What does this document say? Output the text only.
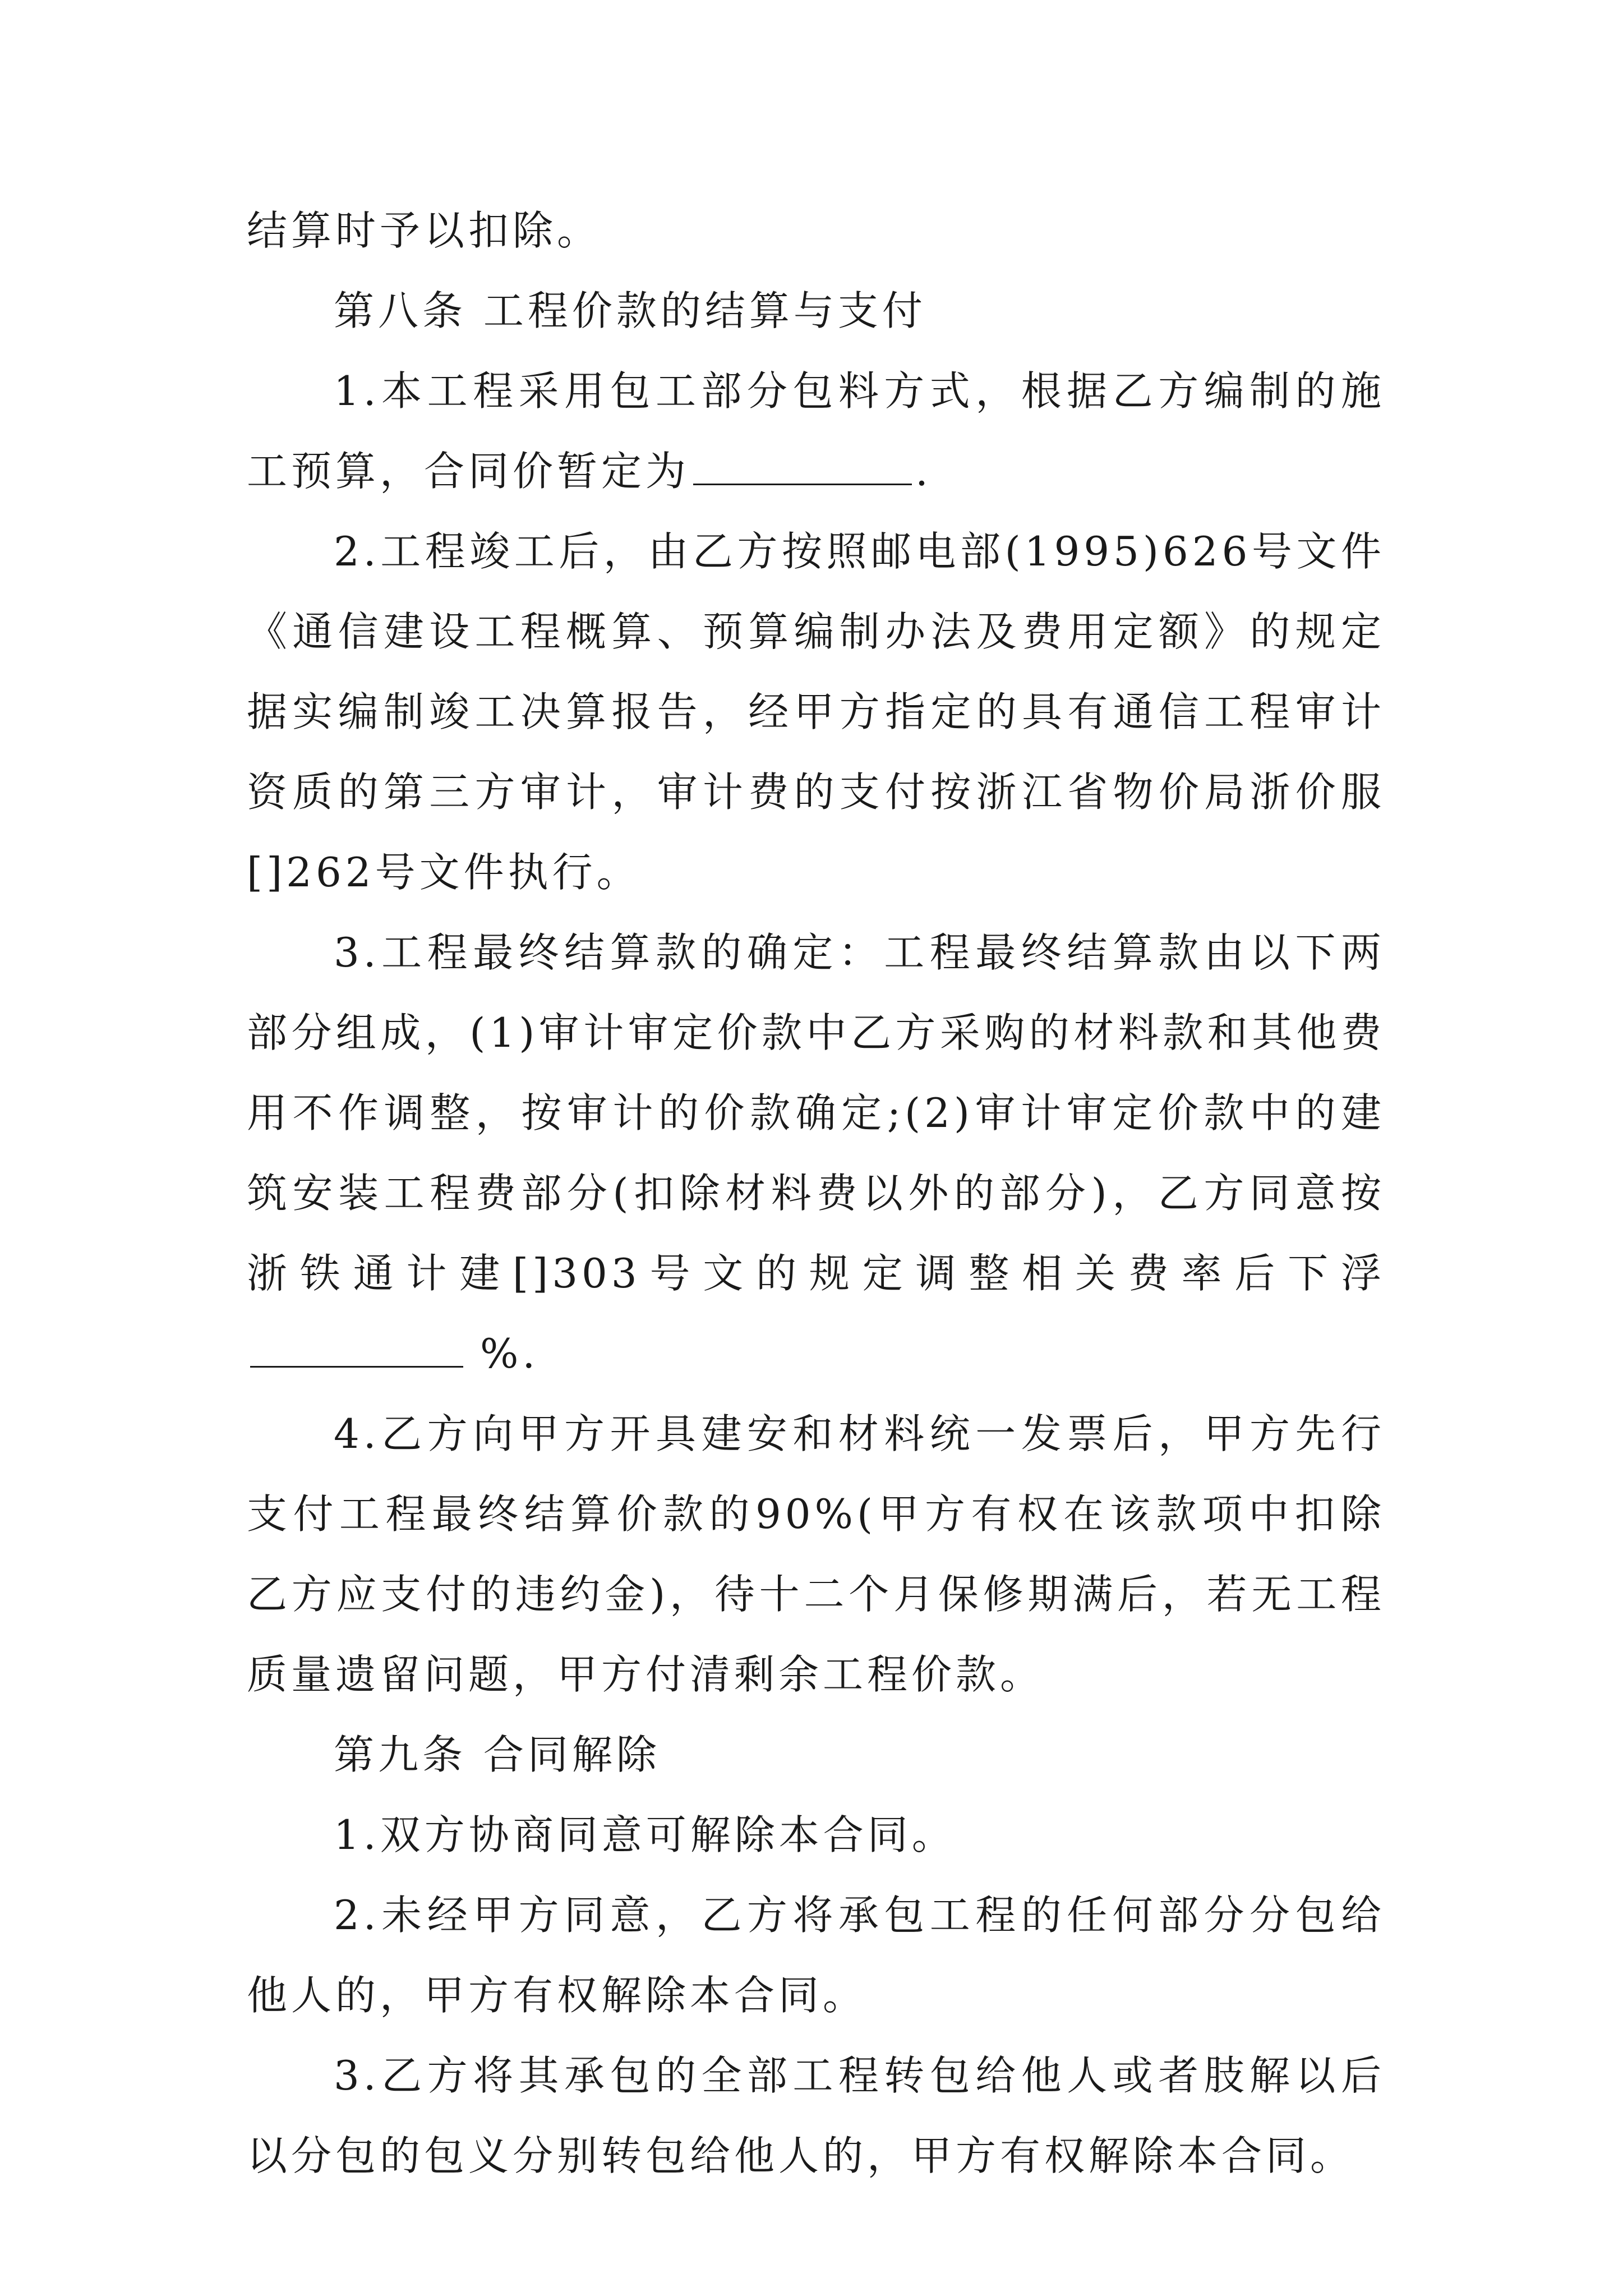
结算时予以扣除。

第八条 工程价款的结算与支付

1.本工程采用包工部分包料方式，根据乙方编制的施工预算，合同价暂定为	.

2.工程竣工后，由乙方按照邮电部(1995)626号文件《通信建设工程概算、预算编制办法及费用定额》的规定据实编制竣工决算报告，经甲方指定的具有通信工程审计资质的第三方审计，审计费的支付按浙江省物价局浙价服[]262号文件执行。

3.工程最终结算款的确定：工程最终结算款由以下两部分组成，(1)审计审定价款中乙方采购的材料款和其他费用不作调整，按审计的价款确定;(2)审计审定价款中的建筑安装工程费部分(扣除材料费以外的部分)，乙方同意按浙铁通计建[]303号文的规定调整相关费率后下浮%.

4.乙方向甲方开具建安和材料统一发票后，甲方先行支付工程最终结算价款的90%(甲方有权在该款项中扣除乙方应支付的违约金)，待十二个月保修期满后，若无工程质量遗留问题，甲方付清剩余工程价款。

第九条 合同解除

1.双方协商同意可解除本合同。

2.未经甲方同意，乙方将承包工程的任何部分分包给他人的，甲方有权解除本合同。

3.乙方将其承包的全部工程转包给他人或者肢解以后以分包的包义分别转包给他人的，甲方有权解除本合同。
